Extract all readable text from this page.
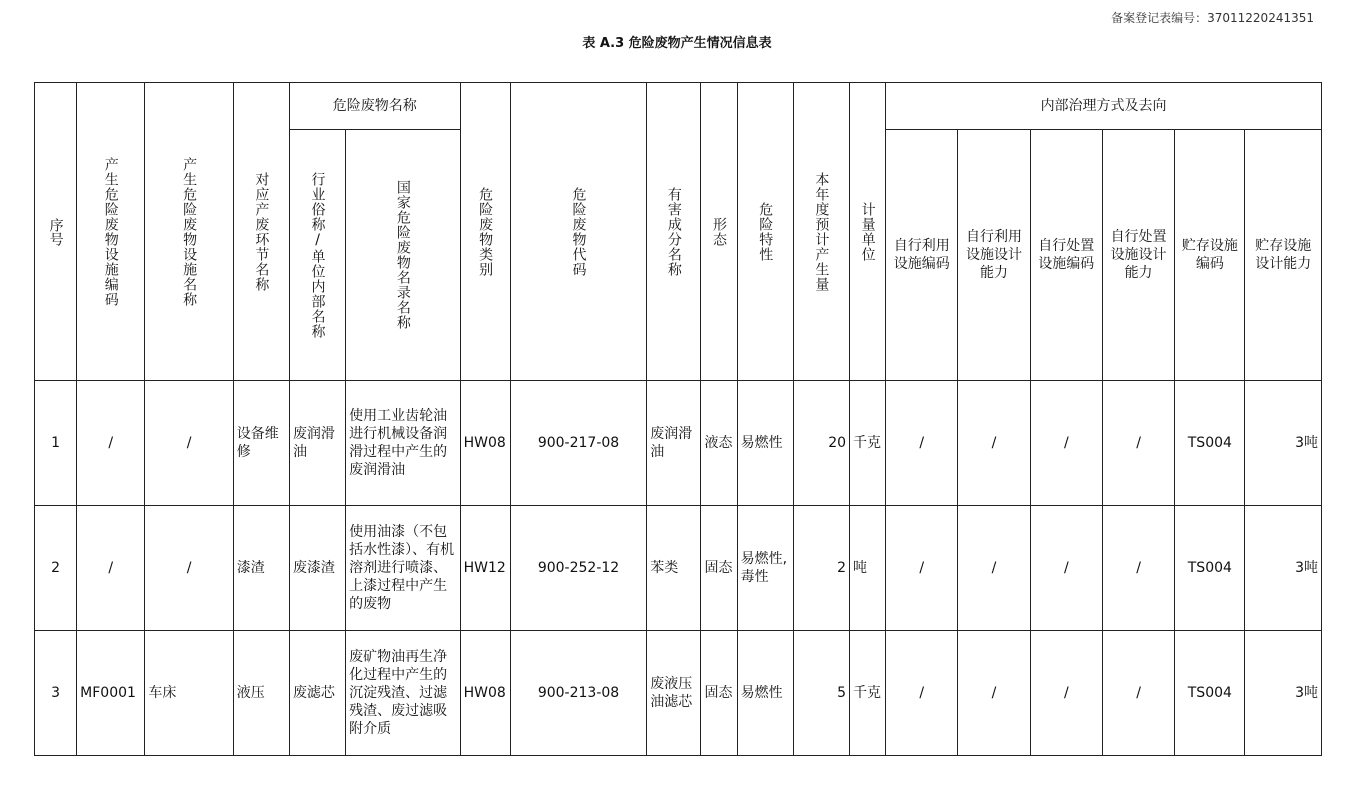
备案登记表编号：37011220241351
表 A.3 危险废物产生情况信息表
序号	产生危险废物设施编码	产生危险废物设施名称	对应产废环节名称	危险废物名称		危险废物类别	危险废物代码	有害成分名称	形态	危险特性	本年度预计产生量	计量单位	内部治理方式及去向					
				行业俗称/单位内部名称	国家危险废物名录名称								自行利用设施编码	自行利用设施设计能力	自行处置设施编码	自行处置设施设计能力	贮存设施编码	贮存设施设计能力
1	/	/	设备维修	废润滑油	使用工业齿轮油进行机械设备润滑过程中产生的废润滑油	HW08	900-217-08	废润滑油	液态	易燃性	20	千克	/	/	/	/	TS004	3吨
2	/	/	漆渣	废漆渣	使用油漆（不包括水性漆）、有机溶剂进行喷漆、上漆过程中产生的废物	HW12	900-252-12	苯类	固态	易燃性,毒性	2	吨	/	/	/	/	TS004	3吨
3	MF0001	车床	液压	废滤芯	废矿物油再生净化过程中产生的沉淀残渣、过滤残渣、废过滤吸附介质	HW08	900-213-08	废液压油滤芯	固态	易燃性	5	千克	/	/	/	/	TS004	3吨
